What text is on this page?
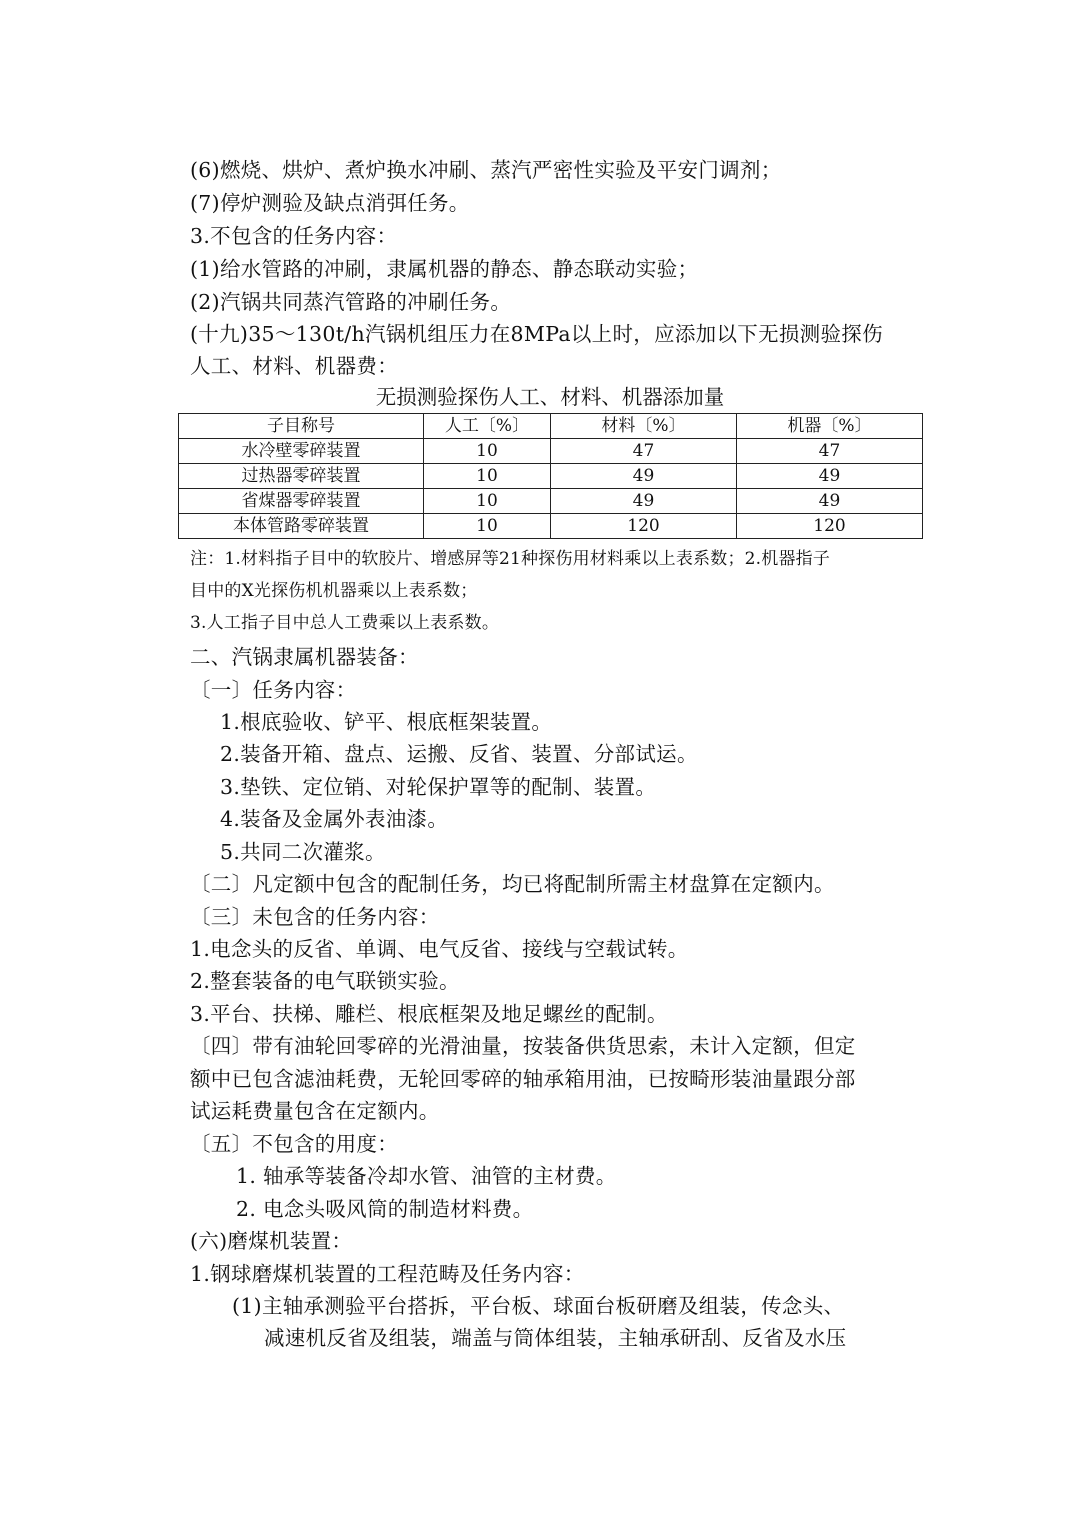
(6)燃烧、烘炉、煮炉换水冲刷、蒸汽严密性实验及平安门调剂；
(7)停炉测验及缺点消弭任务。
3.不包含的任务内容：
(1)给水管路的冲刷，隶属机器的静态、静态联动实验；
(2)汽锅共同蒸汽管路的冲刷任务。
(十九)35～130t/h汽锅机组压力在8MPa以上时，应添加以下无损测验探伤
人工、材料、机器费：
无损测验探伤人工、材料、机器添加量
子目称号	人工〔%〕	材料〔%〕	机器〔%〕
水冷壁零碎装置	10	47	47
过热器零碎装置	10	49	49
省煤器零碎装置	10	49	49
本体管路零碎装置	10	120	120
注：1.材料指子目中的软胶片、增感屏等21种探伤用材料乘以上表系数；2.机器指子
目中的X光探伤机机器乘以上表系数；
3.人工指子目中总人工费乘以上表系数。
二、汽锅隶属机器装备：
〔一〕任务内容：
1.根底验收、铲平、根底框架装置。
2.装备开箱、盘点、运搬、反省、装置、分部试运。
3.垫铁、定位销、对轮保护罩等的配制、装置。
4.装备及金属外表油漆。
5.共同二次灌浆。
〔二〕凡定额中包含的配制任务，均已将配制所需主材盘算在定额内。
〔三〕未包含的任务内容：
1.电念头的反省、单调、电气反省、接线与空载试转。
2.整套装备的电气联锁实验。
3.平台、扶梯、雕栏、根底框架及地足螺丝的配制。
〔四〕带有油轮回零碎的光滑油量，按装备供货思索，未计入定额，但定
额中已包含滤油耗费，无轮回零碎的轴承箱用油，已按畸形装油量跟分部
试运耗费量包含在定额内。
〔五〕不包含的用度：
1. 轴承等装备冷却水管、油管的主材费。
2. 电念头吸风筒的制造材料费。
(六)磨煤机装置：
1.钢球磨煤机装置的工程范畴及任务内容：
(1)主轴承测验平台搭拆，平台板、球面台板研磨及组装，传念头、
减速机反省及组装，端盖与筒体组装，主轴承研刮、反省及水压
